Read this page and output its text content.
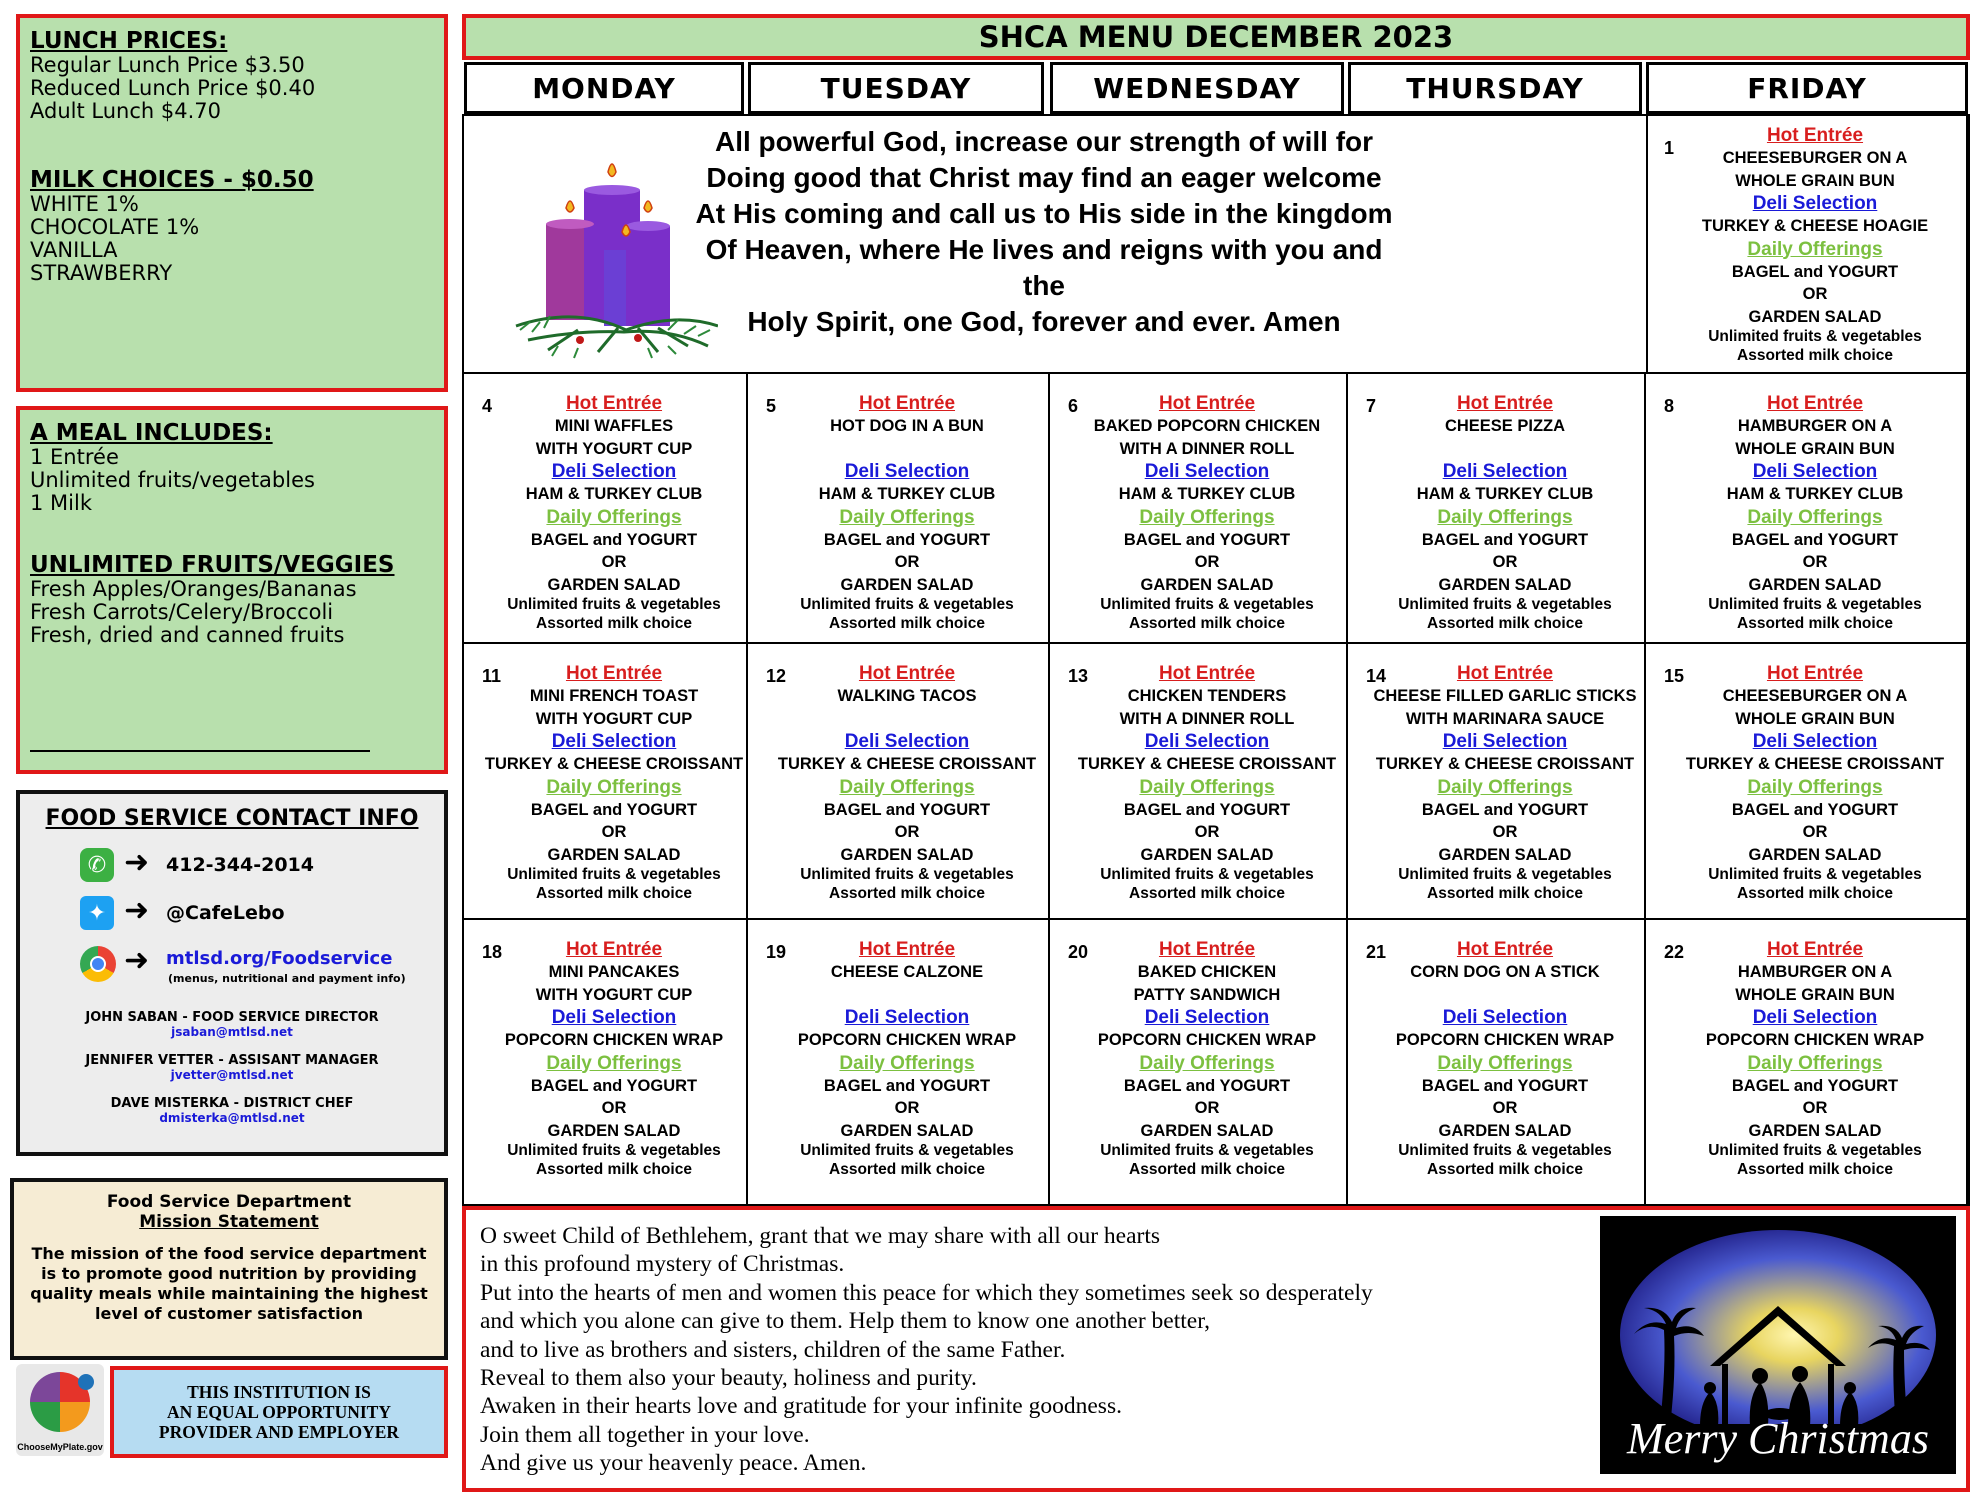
LUNCH PRICES:
Regular Lunch Price $3.50
Reduced Lunch Price $0.40
Adult Lunch $4.70
MILK CHOICES - $0.50
WHITE 1%
CHOCOLATE 1%
VANILLA
STRAWBERRY
A MEAL INCLUDES:
1 Entrée
Unlimited fruits/vegetables
1 Milk
UNLIMITED FRUITS/VEGGIES
Fresh Apples/Oranges/Bananas
Fresh Carrots/Celery/Broccoli
Fresh, dried and canned fruits
FOOD SERVICE CONTACT INFO
✆ ➜ 412-344-2014
✦ ➜ @CafeLebo
➜ mtlsd.org/Foodservice
(menus, nutritional and payment info)
JOHN SABAN - FOOD SERVICE DIRECTOR
jsaban@mtlsd.net
JENNIFER VETTER - ASSISANT MANAGER
jvetter@mtlsd.net
DAVE MISTERKA - DISTRICT CHEF
dmisterka@mtlsd.net
Food Service Department
Mission Statement
The mission of the food service department is to promote good nutrition by providing quality meals while maintaining the highest level of customer satisfaction
ChooseMyPlate.gov
THIS INSTITUTION IS
AN EQUAL OPPORTUNITY
PROVIDER AND EMPLOYER
SHCA MENU DECEMBER 2023
MONDAY	TUESDAY	WEDNESDAY	THURSDAY	FRIDAY
All powerful God, increase our strength of will for
Doing good that Christ may find an eager welcome
At His coming and call us to His side in the kingdom
Of Heaven, where He lives and reigns with you and the
Holy Spirit, one God, forever and ever. Amen
1
Hot Entrée
CHEESEBURGER ON A
WHOLE GRAIN BUN
Deli Selection
TURKEY & CHEESE HOAGIE
Daily Offerings
BAGEL and YOGURT
OR
GARDEN SALAD
Unlimited fruits & vegetables
Assorted milk choice
4	Hot Entrée
MINI WAFFLES
WITH YOGURT CUP
Deli Selection
HAM & TURKEY CLUB
Daily Offerings
BAGEL and YOGURT
OR
GARDEN SALAD
Unlimited fruits & vegetables
Assorted milk choice
5	Hot Entrée
HOT DOG IN A BUN

Deli Selection
HAM & TURKEY CLUB
Daily Offerings
BAGEL and YOGURT
OR
GARDEN SALAD
Unlimited fruits & vegetables
Assorted milk choice
6	Hot Entrée
BAKED POPCORN CHICKEN
WITH A DINNER ROLL
Deli Selection
HAM & TURKEY CLUB
Daily Offerings
BAGEL and YOGURT
OR
GARDEN SALAD
Unlimited fruits & vegetables
Assorted milk choice
7	Hot Entrée
CHEESE PIZZA

Deli Selection
HAM & TURKEY CLUB
Daily Offerings
BAGEL and YOGURT
OR
GARDEN SALAD
Unlimited fruits & vegetables
Assorted milk choice
8	Hot Entrée
HAMBURGER ON A
WHOLE GRAIN BUN
Deli Selection
HAM & TURKEY CLUB
Daily Offerings
BAGEL and YOGURT
OR
GARDEN SALAD
Unlimited fruits & vegetables
Assorted milk choice
11	Hot Entrée
MINI FRENCH TOAST
WITH YOGURT CUP
Deli Selection
TURKEY & CHEESE CROISSANT
Daily Offerings
BAGEL and YOGURT
OR
GARDEN SALAD
Unlimited fruits & vegetables
Assorted milk choice
12	Hot Entrée
WALKING TACOS

Deli Selection
TURKEY & CHEESE CROISSANT
Daily Offerings
BAGEL and YOGURT
OR
GARDEN SALAD
Unlimited fruits & vegetables
Assorted milk choice
13	Hot Entrée
CHICKEN TENDERS
WITH A DINNER ROLL
Deli Selection
TURKEY & CHEESE CROISSANT
Daily Offerings
BAGEL and YOGURT
OR
GARDEN SALAD
Unlimited fruits & vegetables
Assorted milk choice
14	Hot Entrée
CHEESE FILLED GARLIC STICKS
WITH MARINARA SAUCE
Deli Selection
TURKEY & CHEESE CROISSANT
Daily Offerings
BAGEL and YOGURT
OR
GARDEN SALAD
Unlimited fruits & vegetables
Assorted milk choice
15	Hot Entrée
CHEESEBURGER ON A
WHOLE GRAIN BUN
Deli Selection
TURKEY & CHEESE CROISSANT
Daily Offerings
BAGEL and YOGURT
OR
GARDEN SALAD
Unlimited fruits & vegetables
Assorted milk choice
18	Hot Entrée
MINI PANCAKES
WITH YOGURT CUP
Deli Selection
POPCORN CHICKEN WRAP
Daily Offerings
BAGEL and YOGURT
OR
GARDEN SALAD
Unlimited fruits & vegetables
Assorted milk choice
19	Hot Entrée
CHEESE CALZONE

Deli Selection
POPCORN CHICKEN WRAP
Daily Offerings
BAGEL and YOGURT
OR
GARDEN SALAD
Unlimited fruits & vegetables
Assorted milk choice
20	Hot Entrée
BAKED CHICKEN
PATTY SANDWICH
Deli Selection
POPCORN CHICKEN WRAP
Daily Offerings
BAGEL and YOGURT
OR
GARDEN SALAD
Unlimited fruits & vegetables
Assorted milk choice
21	Hot Entrée
CORN DOG ON A STICK

Deli Selection
POPCORN CHICKEN WRAP
Daily Offerings
BAGEL and YOGURT
OR
GARDEN SALAD
Unlimited fruits & vegetables
Assorted milk choice
22	Hot Entrée
HAMBURGER ON A
WHOLE GRAIN BUN
Deli Selection
POPCORN CHICKEN WRAP
Daily Offerings
BAGEL and YOGURT
OR
GARDEN SALAD
Unlimited fruits & vegetables
Assorted milk choice
O sweet Child of Bethlehem, grant that we may share with all our hearts
in this profound mystery of Christmas.
Put into the hearts of men and women this peace for which they sometimes seek so desperately
and which you alone can give to them. Help them to know one another better,
and to live as brothers and sisters, children of the same Father.
Reveal to them also your beauty, holiness and purity.
Awaken in their hearts love and gratitude for your infinite goodness.
Join them all together in your love.
And give us your heavenly peace. Amen.
Merry Christmas
